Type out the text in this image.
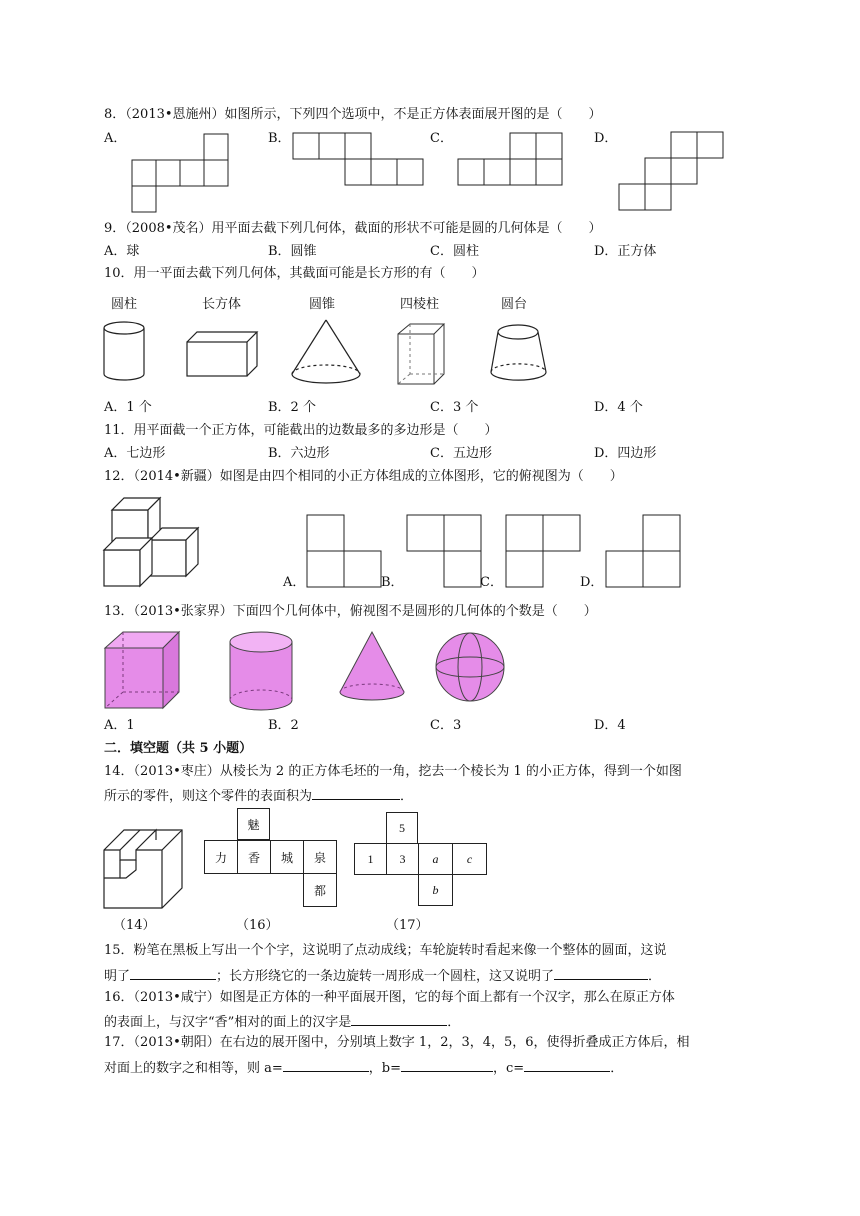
8．（2013•恩施州）如图所示，下列四个选项中，不是正方体表面展开图的是（　　）
A．	B．	C．	D．
9．（2008•茂名）用平面去截下列几何体，截面的形状不可能是圆的几何体是（　　）
A．球	B．圆锥	C．圆柱	D．正方体
10．用一平面去截下列几何体，其截面可能是长方形的有（　　）
圆柱	长方体	圆锥	四棱柱	圆台
A．1 个	B．2 个	C．3 个	D．4 个
11．用平面截一个正方体，可能截出的边数最多的多边形是（　　）
A．七边形	B．六边形	C．五边形	D．四边形
12．（2014•新疆）如图是由四个相同的小正方体组成的立体图形，它的俯视图为（　　）
A．	B．	C．	D．
13．（2013•张家界）下面四个几何体中，俯视图不是圆形的几何体的个数是（　　）
A．1	B．2	C．3	D．4
二．填空题（共 5 小题）
14．（2013•枣庄）从棱长为 2 的正方体毛坯的一角，挖去一个棱长为 1 的小正方体，得到一个如图
所示的零件，则这个零件的表面积为	．
（14）
魅
力	香	城	泉
都
（16）
5
1	3	a	c
b
（17）
15．粉笔在黑板上写出一个个字，这说明了点动成线；车轮旋转时看起来像一个整体的圆面，这说
明了	；长方形绕它的一条边旋转一周形成一个圆柱，这又说明了	．
16．（2013•咸宁）如图是正方体的一种平面展开图，它的每个面上都有一个汉字，那么在原正方体
的表面上，与汉字“香”相对的面上的汉字是	．
17．（2013•朝阳）在右边的展开图中，分别填上数字 1，2，3，4，5，6，使得折叠成正方体后，相
对面上的数字之和相等，则 a=	，b=	，c=	．
